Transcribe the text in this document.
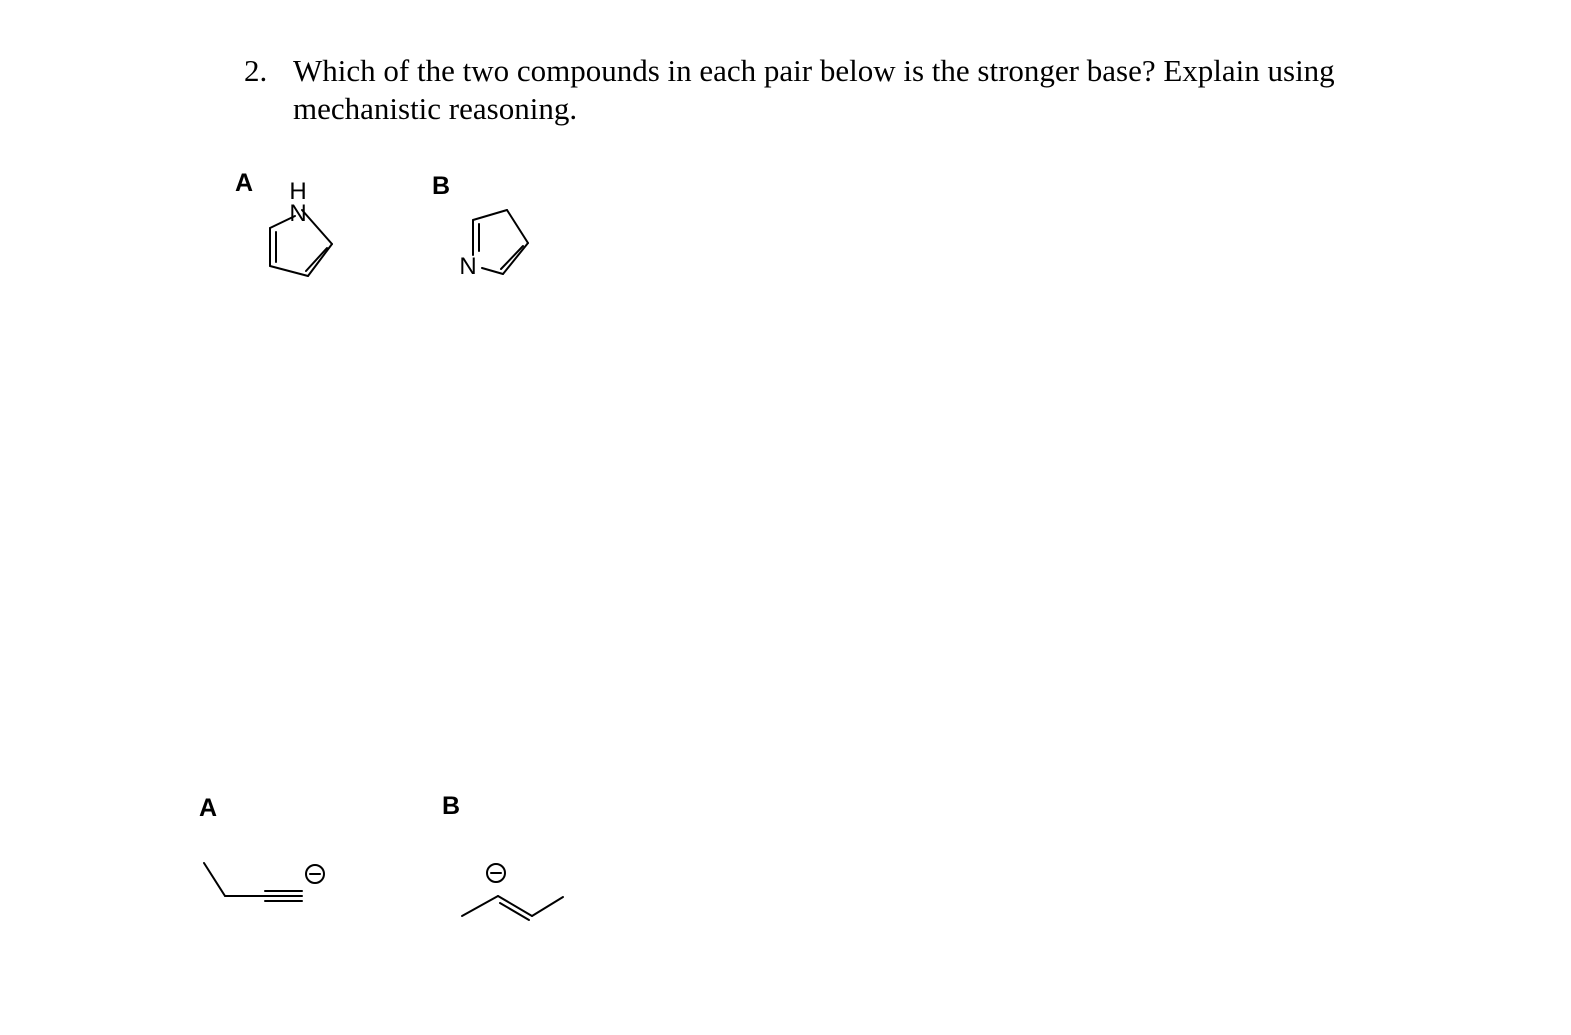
2. Which of the two compounds in each pair below is the stronger base? Explain using mechanistic reasoning.
A	B
H
N
N
A	B
−
−
